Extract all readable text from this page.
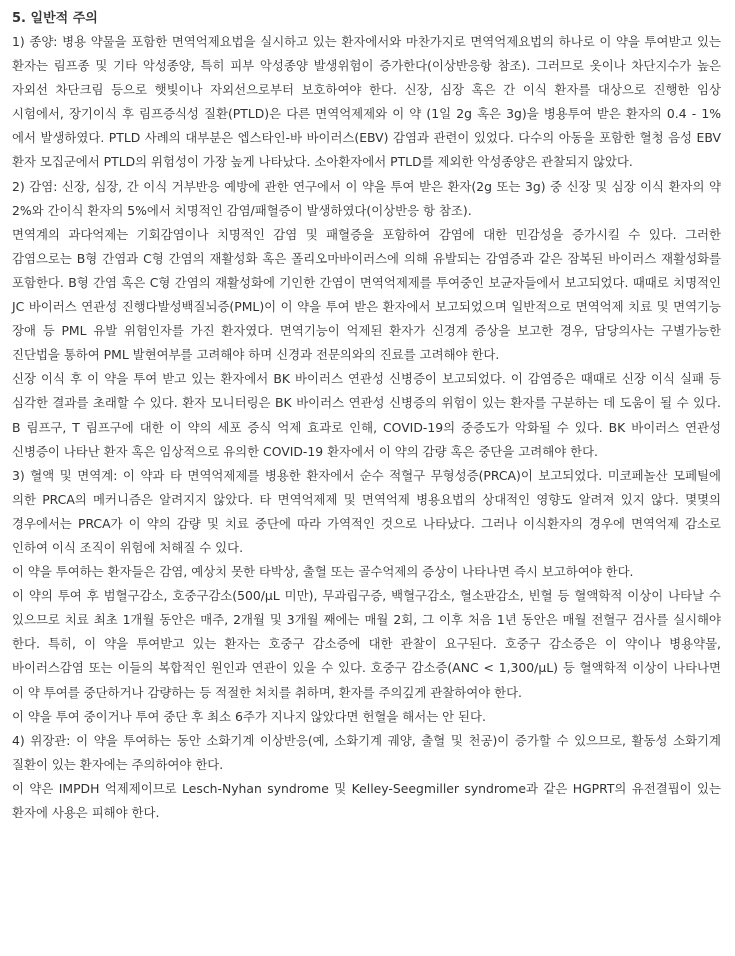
5. 일반적 주의

1) 종양: 병용 약물을 포함한 면역억제요법을 실시하고 있는 환자에서와 마찬가지로 면역억제요법의 하나로 이 약을 투여받고 있는 환자는 림프종 및 기타 악성종양, 특히 피부 악성종양 발생위험이 증가한다(이상반응항 참조). 그러므로 옷이나 차단지수가 높은 자외선 차단크림 등으로 햇빛이나 자외선으로부터 보호하여야 한다. 신장, 심장 혹은 간 이식 환자를 대상으로 진행한 임상 시험에서, 장기이식 후 림프증식성 질환(PTLD)은 다른 면역억제제와 이 약 (1일 2g 혹은 3g)을 병용투여 받은 환자의 0.4 - 1% 에서 발생하였다. PTLD 사례의 대부분은 엡스타인-바 바이러스(EBV) 감염과 관련이 있었다. 다수의 아동을 포함한 혈청 음성 EBV 환자 모집군에서 PTLD의 위험성이 가장 높게 나타났다. 소아환자에서 PTLD를 제외한 악성종양은 관찰되지 않았다.

2) 감염: 신장, 심장, 간 이식 거부반응 예방에 관한 연구에서 이 약을 투여 받은 환자(2g 또는 3g) 중 신장 및 심장 이식 환자의 약 2%와 간이식 환자의 5%에서 치명적인 감염/패혈증이 발생하였다(이상반응 항 참조).

면역계의 과다억제는 기회감염이나 치명적인 감염 및 패혈증을 포함하여 감염에 대한 민감성을 증가시킬 수 있다. 그러한 감염으로는 B형 간염과 C형 간염의 재활성화 혹은 폴리오마바이러스에 의해 유발되는 감염증과 같은 잠복된 바이러스 재활성화를 포함한다. B형 간염 혹은 C형 간염의 재활성화에 기인한 간염이 면역억제제를 투여중인 보균자들에서 보고되었다. 때때로 치명적인 JC 바이러스 연관성 진행다발성백질뇌증(PML)이 이 약을 투여 받은 환자에서 보고되었으며 일반적으로 면역억제 치료 및 면역기능 장애 등 PML 유발 위험인자를 가진 환자였다. 면역기능이 억제된 환자가 신경계 증상을 보고한 경우, 담당의사는 구별가능한 진단법을 통하여 PML 발현여부를 고려해야 하며 신경과 전문의와의 진료를 고려해야 한다.

신장 이식 후 이 약을 투여 받고 있는 환자에서 BK 바이러스 연관성 신병증이 보고되었다. 이 감염증은 때때로 신장 이식 실패 등 심각한 결과를 초래할 수 있다. 환자 모니터링은 BK 바이러스 연관성 신병증의 위험이 있는 환자를 구분하는 데 도움이 될 수 있다. B 림프구, T 림프구에 대한 이 약의 세포 증식 억제 효과로 인해, COVID-19의 중증도가 악화될 수 있다. BK 바이러스 연관성 신병증이 나타난 환자 혹은 임상적으로 유의한 COVID-19 환자에서 이 약의 감량 혹은 중단을 고려해야 한다.

3) 혈액 및 면역계: 이 약과 타 면역억제제를 병용한 환자에서 순수 적혈구 무형성증(PRCA)이 보고되었다. 미코페놀산 모페틸에 의한 PRCA의 메커니즘은 알려지지 않았다. 타 면역억제제 및 면역억제 병용요법의 상대적인 영향도 알려져 있지 않다. 몇몇의 경우에서는 PRCA가 이 약의 감량 및 치료 중단에 따라 가역적인 것으로 나타났다. 그러나 이식환자의 경우에 면역억제 감소로 인하여 이식 조직이 위험에 처해질 수 있다.

이 약을 투여하는 환자들은 감염, 예상치 못한 타박상, 출혈 또는 골수억제의 증상이 나타나면 즉시 보고하여야 한다.

이 약의 투여 후 범혈구감소, 호중구감소(500/μL 미만), 무과립구증, 백혈구감소, 혈소판감소, 빈혈 등 혈액학적 이상이 나타날 수 있으므로 치료 최초 1개월 동안은 매주, 2개월 및 3개월 째에는 매월 2회, 그 이후 처음 1년 동안은 매월 전혈구 검사를 실시해야 한다. 특히, 이 약을 투여받고 있는 환자는 호중구 감소증에 대한 관찰이 요구된다. 호중구 감소증은 이 약이나 병용약물, 바이러스감염 또는 이들의 복합적인 원인과 연관이 있을 수 있다. 호중구 감소증(ANC < 1,300/μL) 등 혈액학적 이상이 나타나면 이 약 투여를 중단하거나 감량하는 등 적절한 처치를 취하며, 환자를 주의깊게 관찰하여야 한다.

이 약을 투여 중이거나 투여 중단 후 최소 6주가 지나지 않았다면 헌혈을 해서는 안 된다.

4) 위장관: 이 약을 투여하는 동안 소화기계 이상반응(예, 소화기계 궤양, 출혈 및 천공)이 증가할 수 있으므로, 활동성 소화기계 질환이 있는 환자에는 주의하여야 한다.

이 약은 IMPDH 억제제이므로 Lesch-Nyhan syndrome 및 Kelley-Seegmiller syndrome과 같은 HGPRT의 유전결핍이 있는 환자에 사용은 피해야 한다.
